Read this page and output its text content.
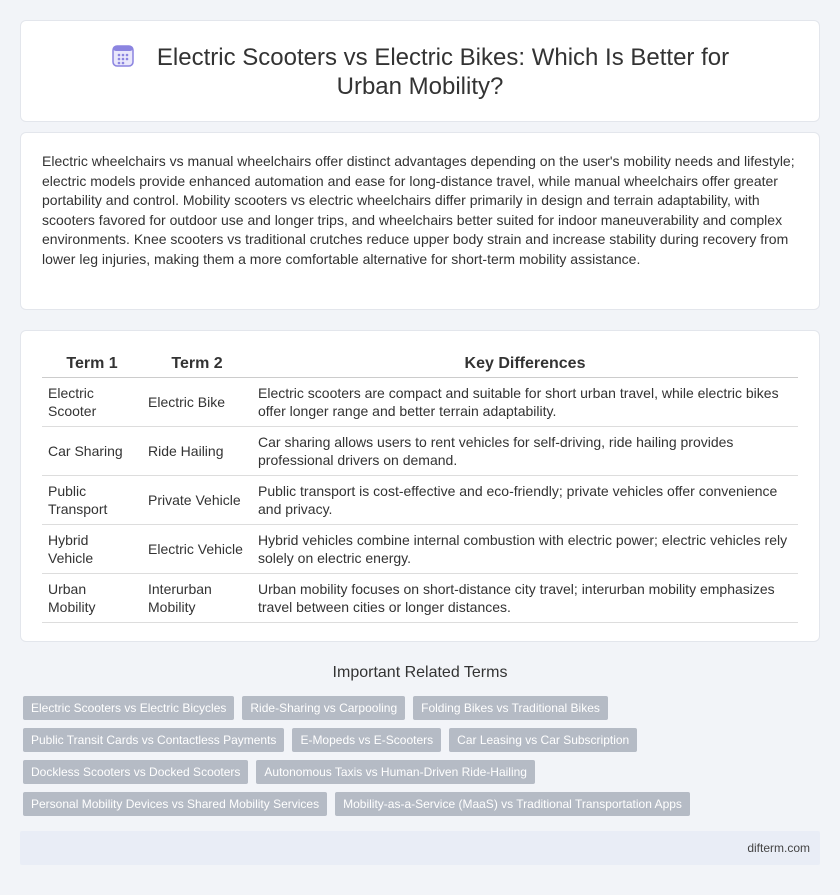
Electric Scooters vs Electric Bikes: Which Is Better for Urban Mobility?

Electric wheelchairs vs manual wheelchairs offer distinct advantages depending on the user's mobility needs and lifestyle; electric models provide enhanced automation and ease for long-distance travel, while manual wheelchairs offer greater portability and control. Mobility scooters vs electric wheelchairs differ primarily in design and terrain adaptability, with scooters favored for outdoor use and longer trips, and wheelchairs better suited for indoor maneuverability and complex environments. Knee scooters vs traditional crutches reduce upper body strain and increase stability during recovery from lower leg injuries, making them a more comfortable alternative for short-term mobility assistance.

Term 1	Term 2	Key Differences
Electric Scooter	Electric Bike	Electric scooters are compact and suitable for short urban travel, while electric bikes offer longer range and better terrain adaptability.
Car Sharing	Ride Hailing	Car sharing allows users to rent vehicles for self-driving, ride hailing provides professional drivers on demand.
Public Transport	Private Vehicle	Public transport is cost-effective and eco-friendly; private vehicles offer convenience and privacy.
Hybrid Vehicle	Electric Vehicle	Hybrid vehicles combine internal combustion with electric power; electric vehicles rely solely on electric energy.
Urban Mobility	Interurban Mobility	Urban mobility focuses on short-distance city travel; interurban mobility emphasizes travel between cities or longer distances.
Important Related Terms
Electric Scooters vs Electric Bicycles	Ride-Sharing vs Carpooling	Folding Bikes vs Traditional Bikes
Public Transit Cards vs Contactless Payments	E-Mopeds vs E-Scooters	Car Leasing vs Car Subscription
Dockless Scooters vs Docked Scooters	Autonomous Taxis vs Human-Driven Ride-Hailing
Personal Mobility Devices vs Shared Mobility Services	Mobility-as-a-Service (MaaS) vs Traditional Transportation Apps
difterm.com
